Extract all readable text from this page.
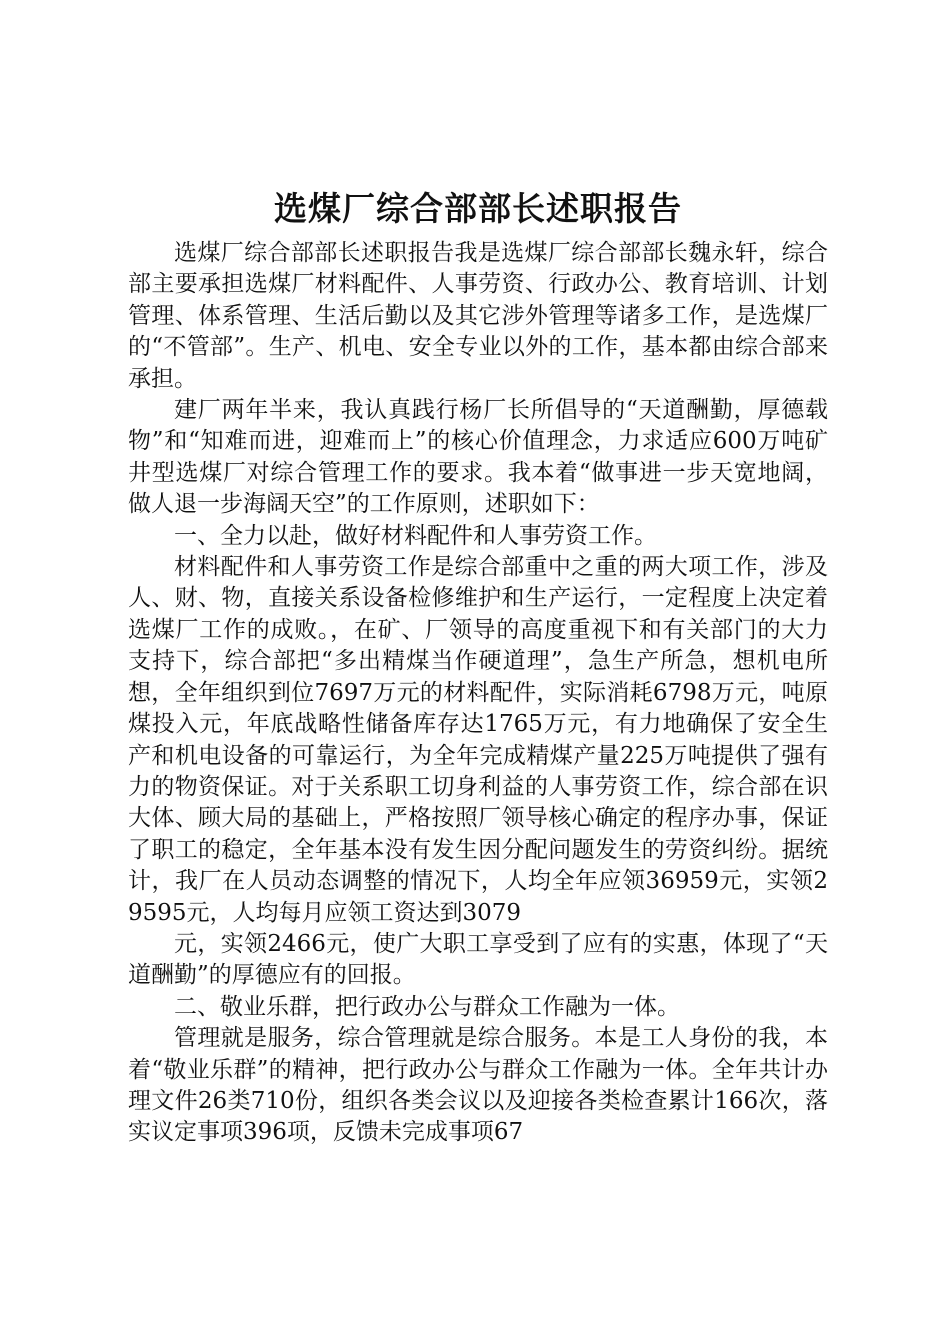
选煤厂综合部部长述职报告

选煤厂综合部部长述职报告我是选煤厂综合部部长魏永轩，综合部主要承担选煤厂材料配件、人事劳资、行政办公、教育培训、计划管理、体系管理、生活后勤以及其它涉外管理等诸多工作，是选煤厂的“不管部”。生产、机电、安全专业以外的工作，基本都由综合部来承担。

建厂两年半来，我认真践行杨厂长所倡导的“天道酬勤，厚德载物”和“知难而进，迎难而上”的核心价值理念，力求适应600万吨矿井型选煤厂对综合管理工作的要求。我本着“做事进一步天宽地阔，做人退一步海阔天空”的工作原则，述职如下：

一、全力以赴，做好材料配件和人事劳资工作。

材料配件和人事劳资工作是综合部重中之重的两大项工作，涉及人、财、物，直接关系设备检修维护和生产运行，一定程度上决定着选煤厂工作的成败。，在矿、厂领导的高度重视下和有关部门的大力支持下，综合部把“多出精煤当作硬道理”，急生产所急，想机电所想，全年组织到位7697万元的材料配件，实际消耗6798万元，吨原煤投入元，年底战略性储备库存达1765万元，有力地确保了安全生产和机电设备的可靠运行，为全年完成精煤产量225万吨提供了强有力的物资保证。对于关系职工切身利益的人事劳资工作，综合部在识大体、顾大局的基础上，严格按照厂领导核心确定的程序办事，保证了职工的稳定，全年基本没有发生因分配问题发生的劳资纠纷。据统计，我厂在人员动态调整的情况下，人均全年应领36959元，实领29595元，人均每月应领工资达到3079

元，实领2466元，使广大职工享受到了应有的实惠，体现了“天道酬勤”的厚德应有的回报。

二、敬业乐群，把行政办公与群众工作融为一体。

管理就是服务，综合管理就是综合服务。本是工人身份的我，本着“敬业乐群”的精神，把行政办公与群众工作融为一体。全年共计办理文件26类710份，组织各类会议以及迎接各类检查累计166次，落实议定事项396项，反馈未完成事项67
